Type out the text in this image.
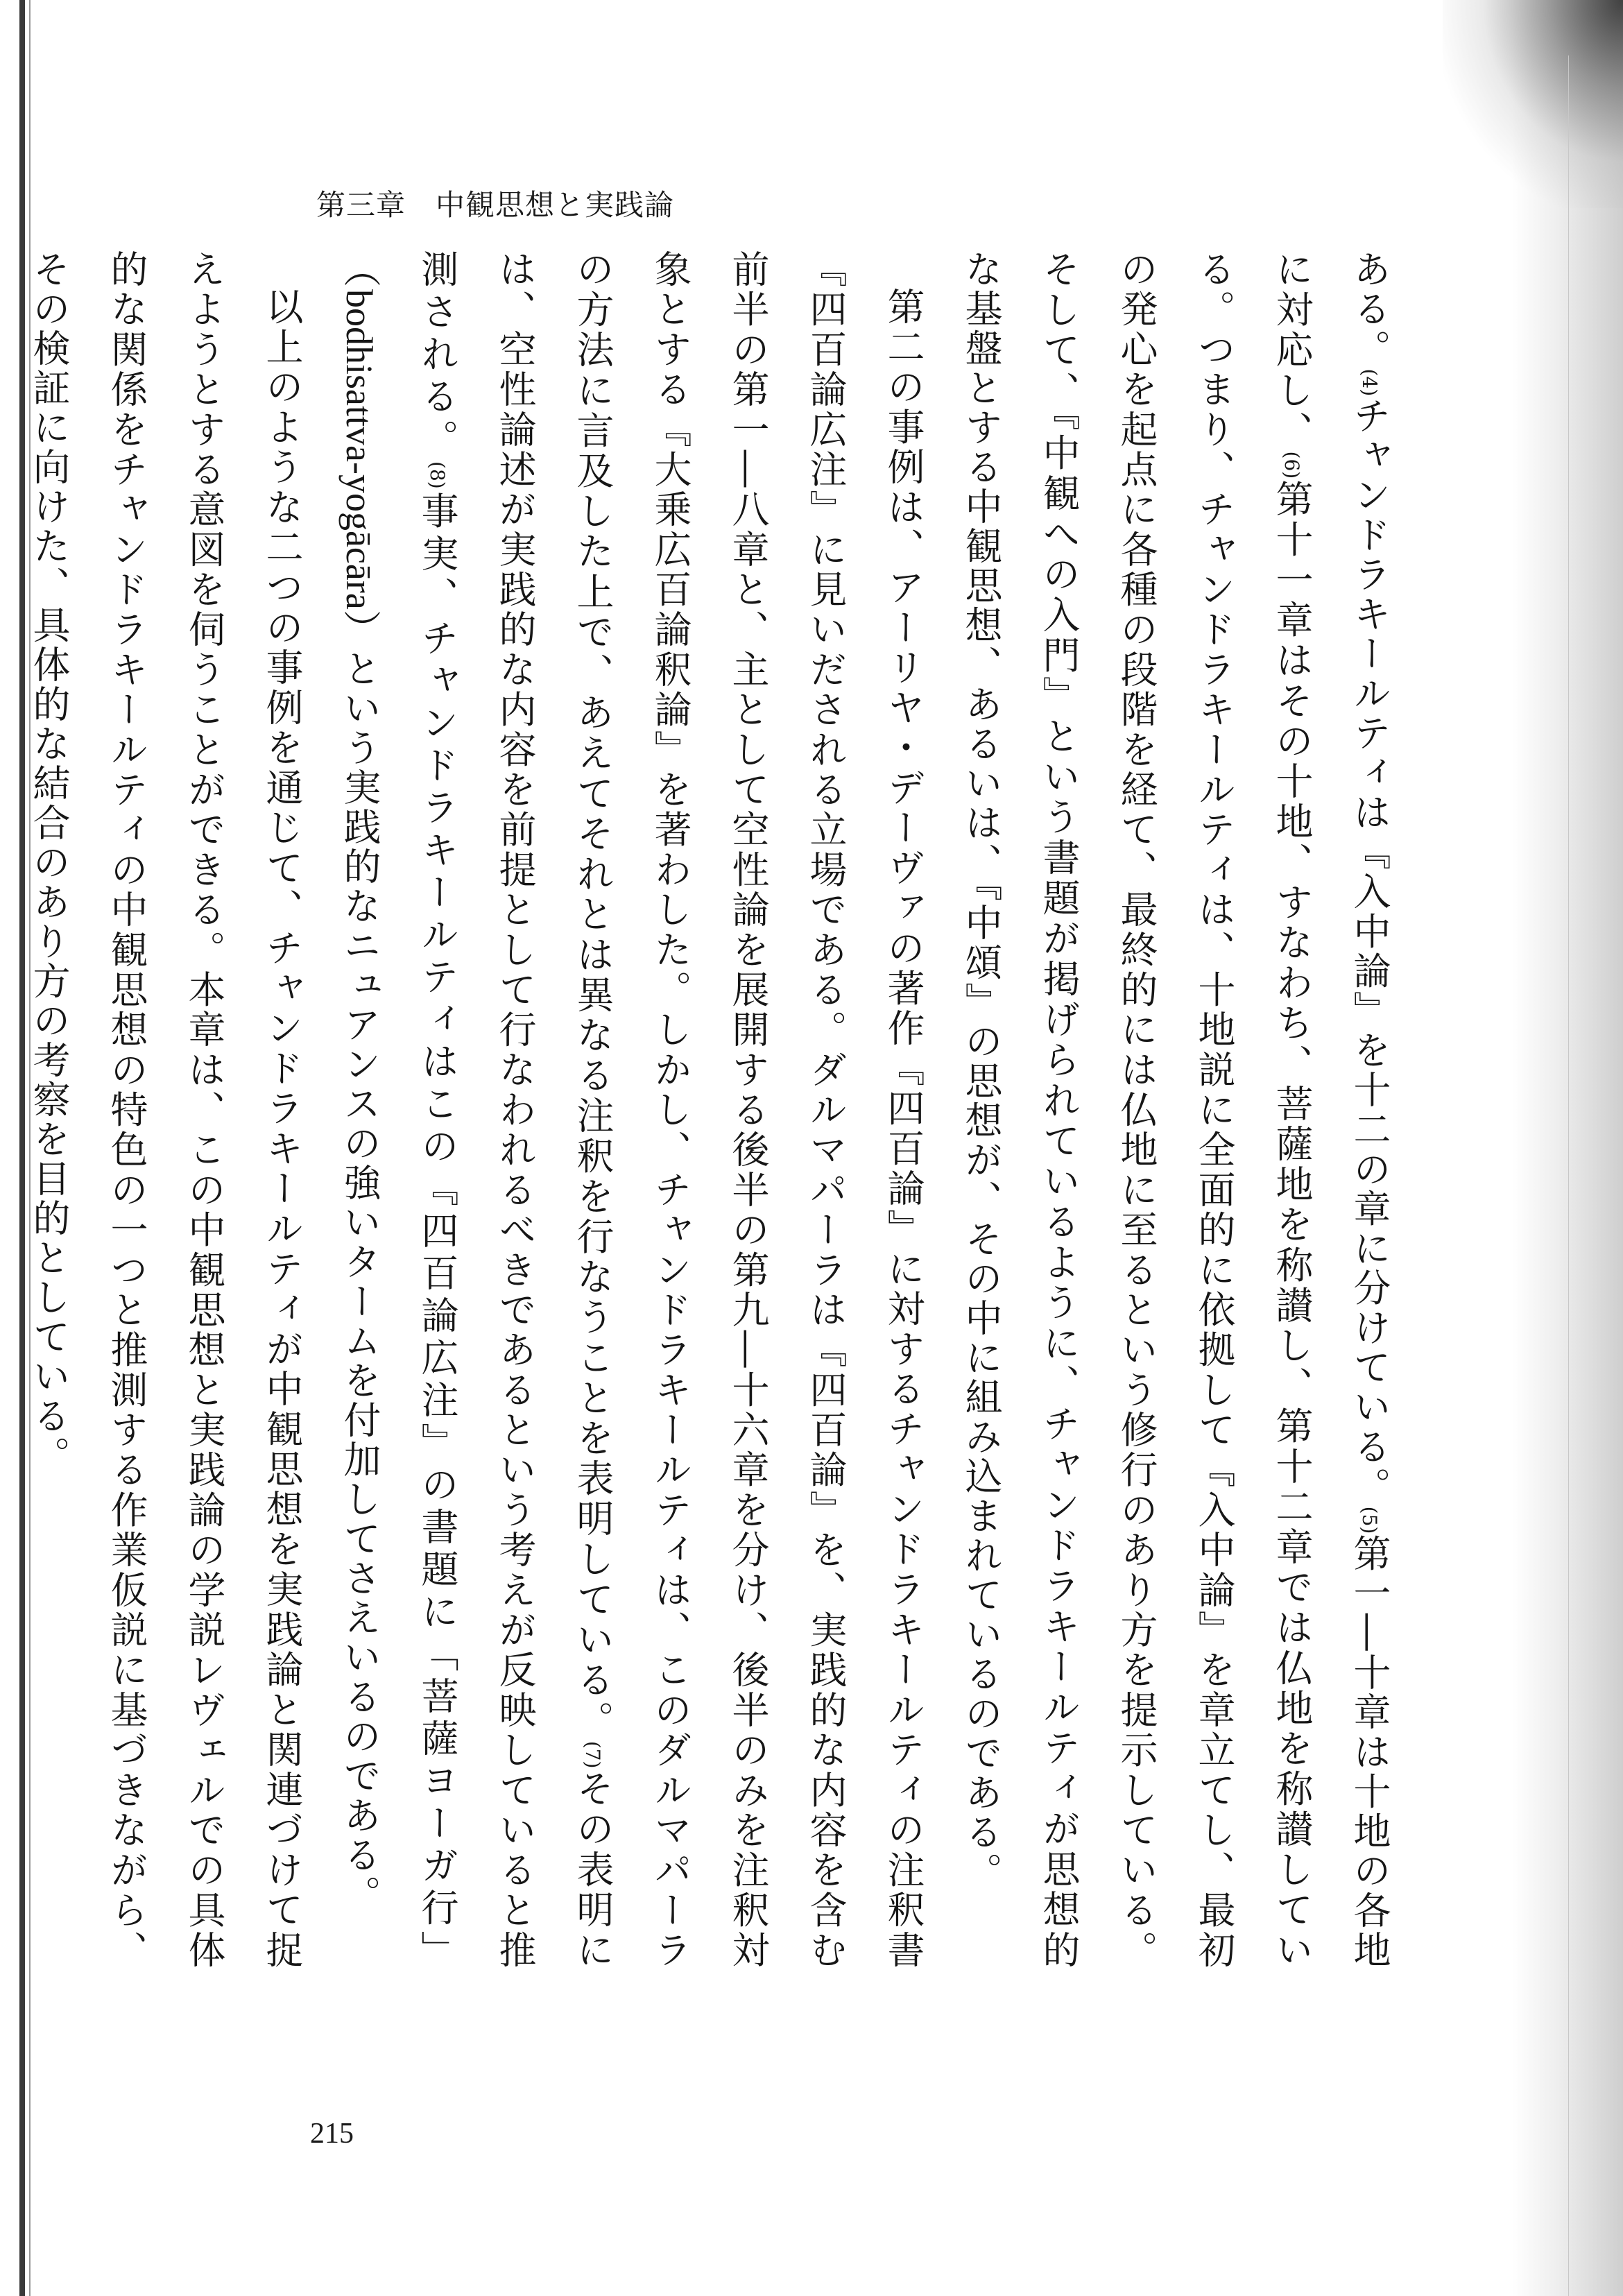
第三章　中観思想と実践論

ある。(4)チャンドラキールティは『入中論』を十二の章に分けている。(5)第一―十章は十地の各地に対応し、(6)第十一章はその十地、すなわち、菩薩地を称讃し、第十二章では仏地を称讃している。つまり、チャンドラキールティは、十地説に全面的に依拠して『入中論』を章立てし、最初の発心を起点に各種の段階を経て、最終的には仏地に至るという修行のあり方を提示している。そして、『中観への入門』という書題が掲げられているように、チャンドラキールティが思想的な基盤とする中観思想、あるいは、『中頌』の思想が、その中に組み込まれているのである。

第二の事例は、アーリヤ・デーヴァの著作『四百論』に対するチャンドラキールティの注釈書『四百論広注』に見いだされる立場である。ダルマパーラは『四百論』を、実践的な内容を含む前半の第一―八章と、主として空性論を展開する後半の第九―十六章を分け、後半のみを注釈対象とする『大乗広百論釈論』を著わした。しかし、チャンドラキールティは、このダルマパーラの方法に言及した上で、あえてそれとは異なる注釈を行なうことを表明している。(7)その表明には、空性論述が実践的な内容を前提として行なわれるべきであるという考えが反映していると推測される。(8)事実、チャンドラキールティはこの『四百論広注』の書題に「菩薩ヨーガ行」（bodhisattva-yogācāra）という実践的なニュアンスの強いタームを付加してさえいるのである。

以上のような二つの事例を通じて、チャンドラキールティが中観思想を実践論と関連づけて捉えようとする意図を伺うことができる。本章は、この中観思想と実践論の学説レヴェルでの具体的な関係をチャンドラキールティの中観思想の特色の一つと推測する作業仮説に基づきながら、その検証に向けた、具体的な結合のあり方の考察を目的としている。

215
